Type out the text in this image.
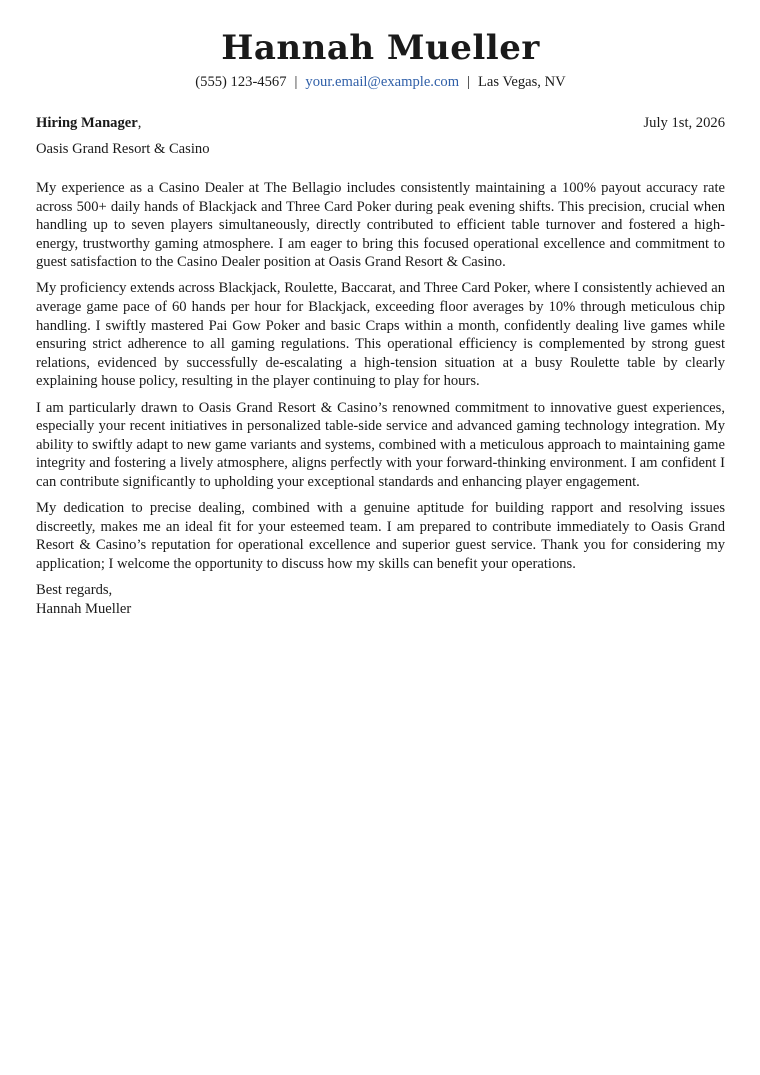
Hannah Mueller
(555) 123-4567 | your.email@example.com | Las Vegas, NV
Hiring Manager,	July 1st, 2026
Oasis Grand Resort & Casino

My experience as a Casino Dealer at The Bellagio includes consistently maintaining a 100% payout accuracy rate across 500+ daily hands of Blackjack and Three Card Poker during peak evening shifts. This precision, crucial when handling up to seven players simultaneously, directly contributed to efficient table turnover and fostered a high-energy, trustworthy gaming atmosphere. I am eager to bring this focused operational excellence and commitment to guest satisfaction to the Casino Dealer position at Oasis Grand Resort & Casino.

My proficiency extends across Blackjack, Roulette, Baccarat, and Three Card Poker, where I consistently achieved an average game pace of 60 hands per hour for Blackjack, exceeding floor averages by 10% through meticulous chip handling. I swiftly mastered Pai Gow Poker and basic Craps within a month, confidently dealing live games while ensuring strict adherence to all gaming regulations. This operational efficiency is complemented by strong guest relations, evidenced by successfully de-escalating a high-tension situation at a busy Roulette table by clearly explaining house policy, resulting in the player continuing to play for hours.

I am particularly drawn to Oasis Grand Resort & Casino’s renowned commitment to innovative guest experiences, especially your recent initiatives in personalized table-side service and advanced gaming technology integration. My ability to swiftly adapt to new game variants and systems, combined with a meticulous approach to maintaining game integrity and fostering a lively atmosphere, aligns perfectly with your forward-thinking environment. I am confident I can contribute significantly to upholding your exceptional standards and enhancing player engagement.

My dedication to precise dealing, combined with a genuine aptitude for building rapport and resolving issues discreetly, makes me an ideal fit for your esteemed team. I am prepared to contribute immediately to Oasis Grand Resort & Casino’s reputation for operational excellence and superior guest service. Thank you for considering my application; I welcome the opportunity to discuss how my skills can benefit your operations.

Best regards,
Hannah Mueller
